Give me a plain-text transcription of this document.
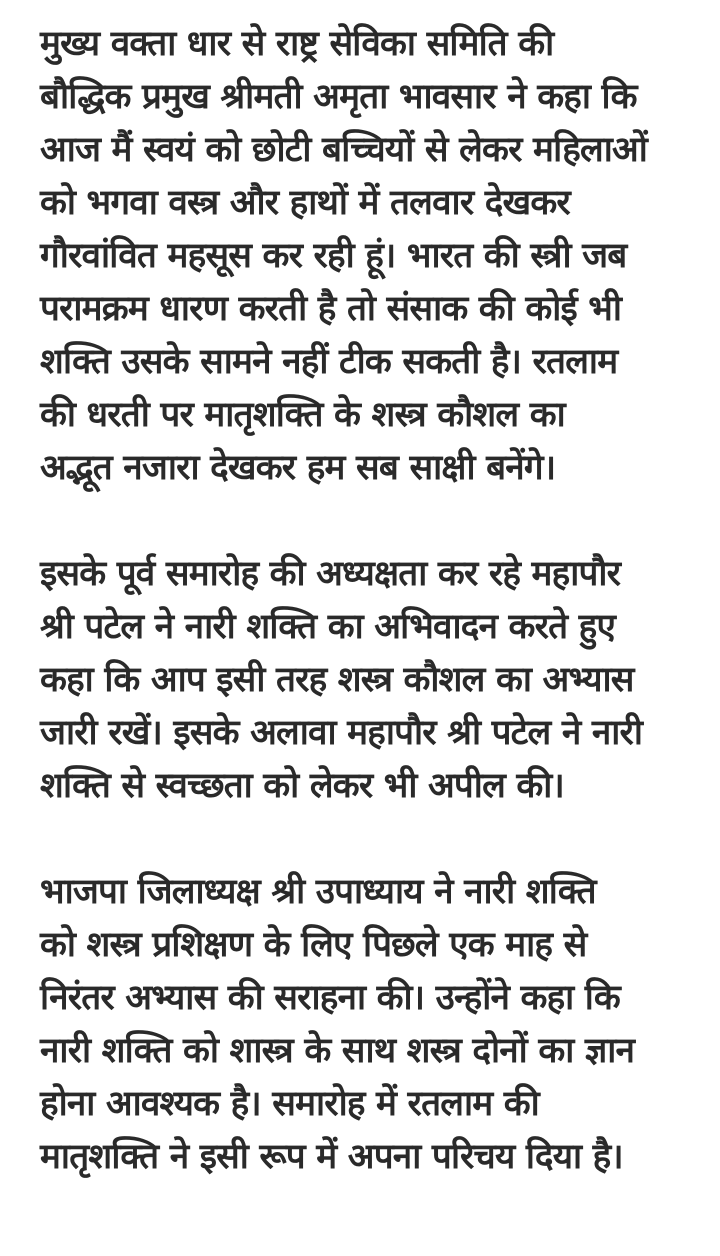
मुख्य वक्ता धार से राष्ट्र सेविका समिति की
बौद्धिक प्रमुख श्रीमती अमृता भावसार ने कहा कि
आज मैं स्वयं को छोटी बच्चियों से लेकर महिलाओं
को भगवा वस्त्र और हाथों में तलवार देखकर
गौरवांवित महसूस कर रही हूं। भारत की स्त्री जब
परामक्रम धारण करती है तो संसाक की कोई भी
शक्ति उसके सामने नहीं टीक सकती है। रतलाम
की धरती पर मातृशक्ति के शस्त्र कौशल का
अद्भूत नजारा देखकर हम सब साक्षी बनेंगे।
इसके पूर्व समारोह की अध्यक्षता कर रहे महापौर
श्री पटेल ने नारी शक्ति का अभिवादन करते हुए
कहा कि आप इसी तरह शस्त्र कौशल का अभ्यास
जारी रखें। इसके अलावा महापौर श्री पटेल ने नारी
शक्ति से स्वच्छता को लेकर भी अपील की।
भाजपा जिलाध्यक्ष श्री उपाध्याय ने नारी शक्ति
को शस्त्र प्रशिक्षण के लिए पिछले एक माह से
निरंतर अभ्यास की सराहना की। उन्होंने कहा कि
नारी शक्ति को शास्त्र के साथ शस्त्र दोनों का ज्ञान
होना आवश्यक है। समारोह में रतलाम की
मातृशक्ति ने इसी रूप में अपना परिचय दिया है।
